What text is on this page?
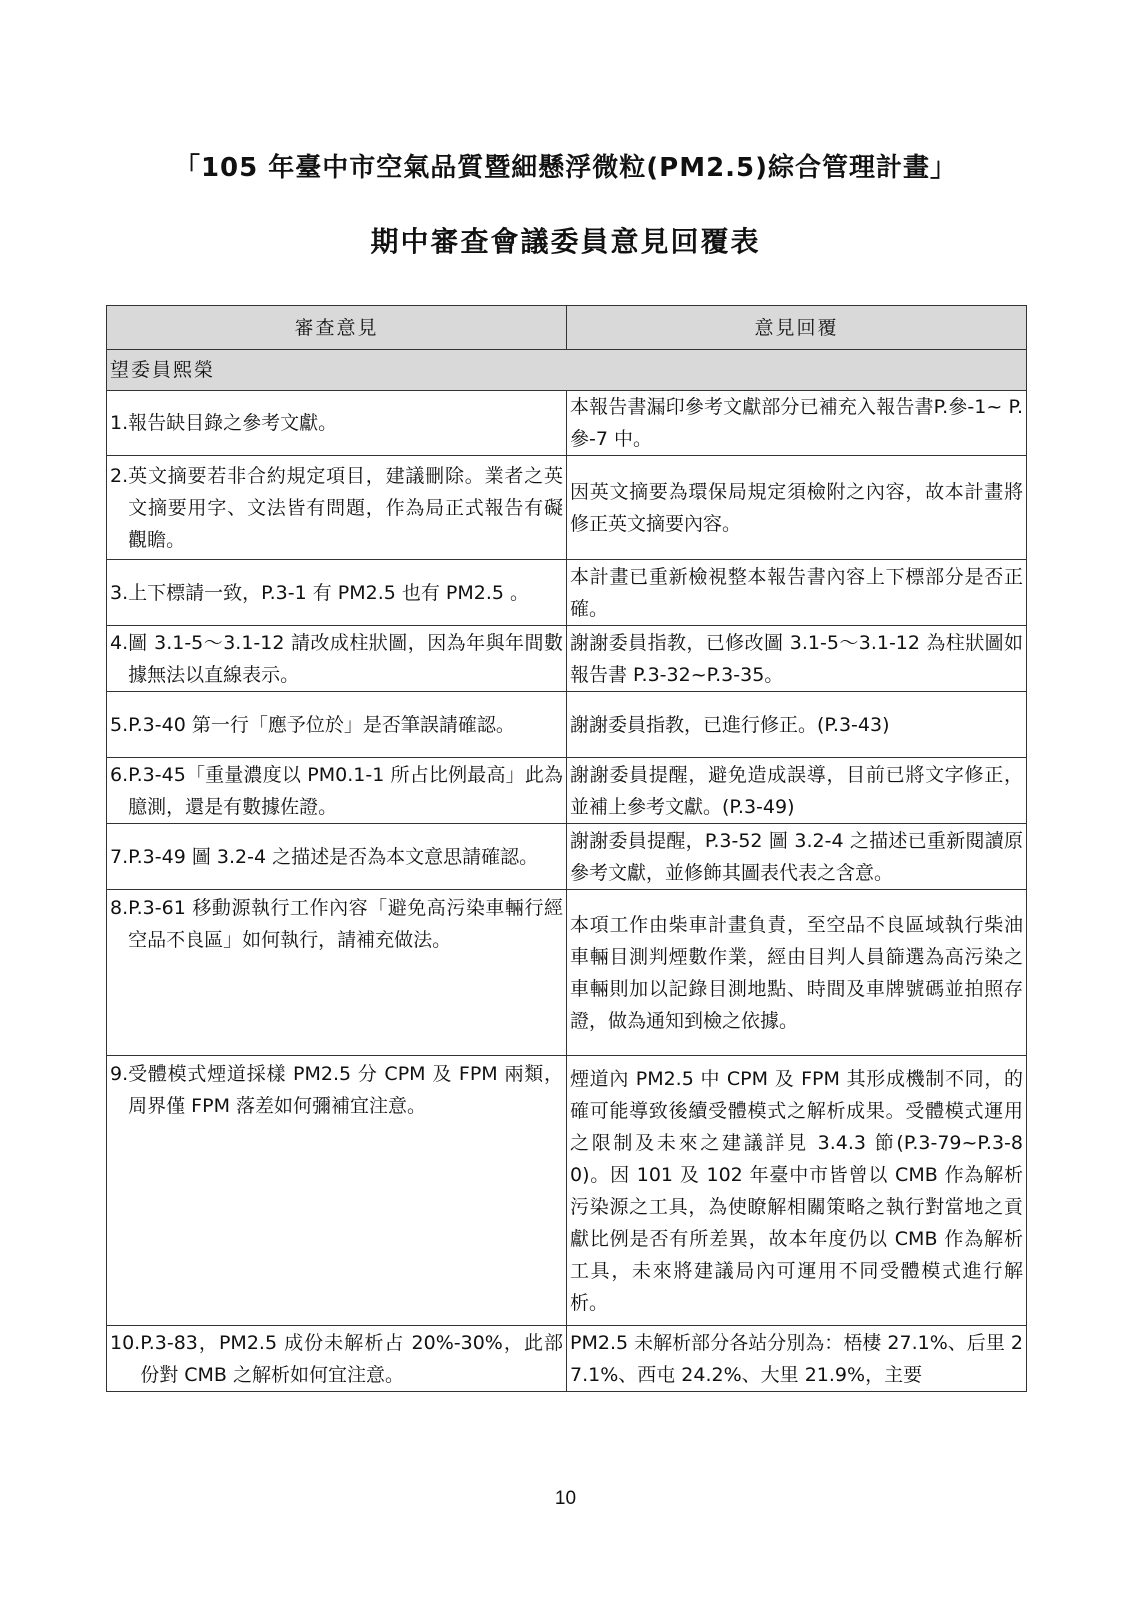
「105 年臺中市空氣品質暨細懸浮微粒(PM2.5)綜合管理計畫」
期中審查會議委員意見回覆表
審查意見	意見回覆
望委員熙榮	

1. 報告缺目錄之參考文獻。	本報告書漏印參考文獻部分已補充入報告書P.參-1~ P.參-7 中。

2. 英文摘要若非合約規定項目，建議刪除。業者之英文摘要用字、文法皆有問題，作為局正式報告有礙觀瞻。	因英文摘要為環保局規定須檢附之內容，故本計畫將修正英文摘要內容。

3. 上下標請一致，P.3-1 有 PM2.5 也有 PM2.5 。	本計畫已重新檢視整本報告書內容上下標部分是否正確。

4. 圖 3.1-5～3.1-12 請改成柱狀圖，因為年與年間數據無法以直線表示。	謝謝委員指教，已修改圖 3.1-5～3.1-12 為柱狀圖如報告書 P.3-32~P.3-35。

5. P.3-40 第一行「應予位於」是否筆誤請確認。	謝謝委員指教，已進行修正。(P.3-43)

6. P.3-45「重量濃度以 PM0.1-1 所占比例最高」此為臆測，還是有數據佐證。	謝謝委員提醒，避免造成誤導，目前已將文字修正，並補上參考文獻。(P.3-49)

7. P.3-49 圖 3.2-4 之描述是否為本文意思請確認。	謝謝委員提醒，P.3-52 圖 3.2-4 之描述已重新閱讀原參考文獻，並修飾其圖表代表之含意。

8. P.3-61 移動源執行工作內容「避免高污染車輛行經空品不良區」如何執行，請補充做法。	本項工作由柴車計畫負責，至空品不良區域執行柴油車輛目測判煙數作業，經由目判人員篩選為高污染之車輛則加以記錄目測地點、時間及車牌號碼並拍照存證，做為通知到檢之依據。

9. 受體模式煙道採樣 PM2.5 分 CPM 及 FPM 兩類，周界僅 FPM 落差如何彌補宜注意。	煙道內 PM2.5 中 CPM 及 FPM 其形成機制不同，的確可能導致後續受體模式之解析成果。受體模式運用之限制及未來之建議詳見 3.4.3 節(P.3-79~P.3-80)。因 101 及 102 年臺中市皆曾以 CMB 作為解析污染源之工具，為使瞭解相關策略之執行對當地之貢獻比例是否有所差異，故本年度仍以 CMB 作為解析工具，未來將建議局內可運用不同受體模式進行解析。

10. P.3-83，PM2.5 成份未解析占 20%-30%，此部份對 CMB 之解析如何宜注意。	PM2.5 未解析部分各站分別為：梧棲 27.1%、后里 27.1%、西屯 24.2%、大里 21.9%，主要
10
